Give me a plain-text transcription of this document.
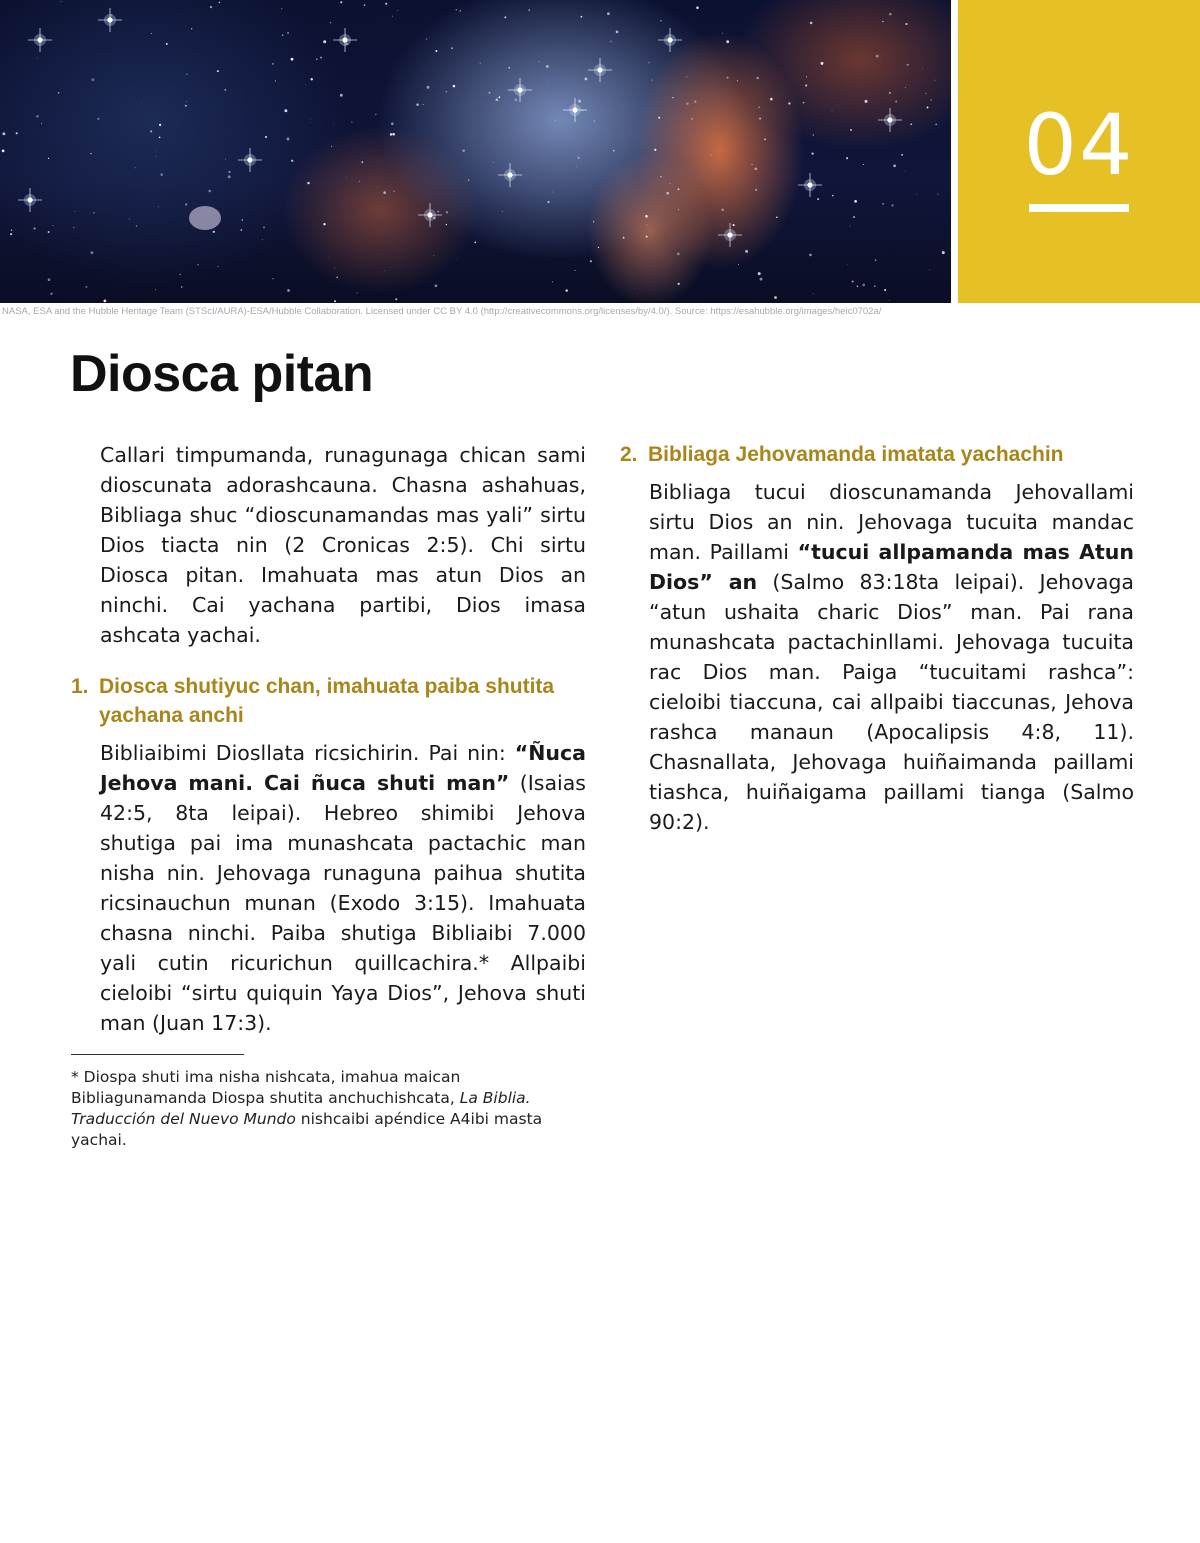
04
NASA, ESA and the Hubble Heritage Team (STScI/AURA)-ESA/Hubble Collaboration. Licensed under CC BY 4.0 (http://creativecommons.org/licenses/by/4.0/). Source: https://esahubble.org/images/heic0702a/
Diosca pitan

Callari timpumanda, runagunaga chican sami dioscunata adorashcauna. Chasna ashahuas, Bibliaga shuc “dioscunamandas mas yali” sirtu Dios tiacta nin (2 Cronicas 2:5). Chi sirtu Diosca pitan. Imahuata mas atun Dios an ninchi. Cai yachana partibi, Dios imasa ashcata yachai.

1. Diosca shutiyuc chan, imahuata paiba shutita yachana anchi

Bibliaibimi Diosllata ricsichirin. Pai nin: “Ñuca Jehova mani. Cai ñuca shuti man” (Isaias 42:5, 8ta leipai). Hebreo shimibi Jehova shutiga pai ima munashcata pactachic man nisha nin. Jehovaga runaguna paihua shutita ricsinauchun munan (Exodo 3:15). Imahuata chasna ninchi. Paiba shutiga Bibliaibi 7.000 yali cutin ricurichun quillcachira.* Allpaibi cieloibi “sirtu quiquin Yaya Dios”, Jehova shuti man (Juan 17:3).

* Diospa shuti ima nisha nishcata, imahua maican Bibliagunamanda Diospa shutita anchuchishcata, La Biblia. Traducción del Nuevo Mundo nishcaibi apéndice A4ibi masta yachai.

2. Bibliaga Jehovamanda imatata yachachin

Bibliaga tucui dioscunamanda Jehovallami sirtu Dios an nin. Jehovaga tucuita mandac man. Paillami “tucui allpamanda mas Atun Dios” an (Salmo 83:18ta leipai). Jehovaga “atun ushaita charic Dios” man. Pai rana munashcata pactachinllami. Jehovaga tucuita rac Dios man. Paiga “tucuitami rashca”: cieloibi tiaccuna, cai allpaibi tiaccunas, Jehova rashca manaun (Apocalipsis 4:8, 11). Chasnallata, Jehovaga huiñaimanda paillami tiashca, huiñaigama paillami tianga (Salmo 90:2).
